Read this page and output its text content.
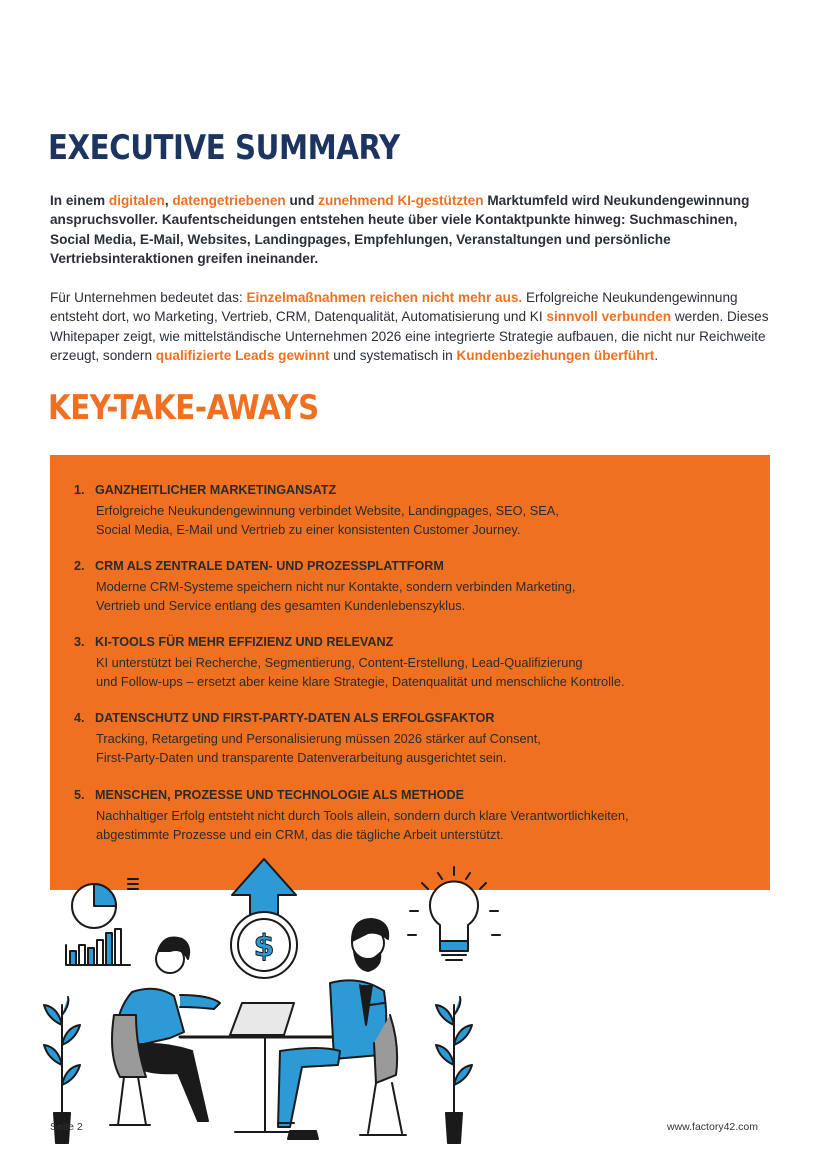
EXECUTIVE SUMMARY

In einem digitalen, datengetriebenen und zunehmend KI-gestützten Marktumfeld wird Neukundengewinnung anspruchsvoller. Kaufentscheidungen entstehen heute über viele Kontaktpunkte hinweg: Suchmaschinen, Social Media, E-Mail, Websites, Landingpages, Empfehlungen, Veranstaltungen und persönliche Vertriebsinteraktionen greifen ineinander.

Für Unternehmen bedeutet das: Einzelmaßnahmen reichen nicht mehr aus. Erfolgreiche Neukundengewinnung entsteht dort, wo Marketing, Vertrieb, CRM, Datenqualität, Automatisierung und KI sinnvoll verbunden werden. Dieses Whitepaper zeigt, wie mittelständische Unternehmen 2026 eine integrierte Strategie aufbauen, die nicht nur Reichweite erzeugt, sondern qualifizierte Leads gewinnt und systematisch in Kundenbeziehungen überführt.

KEY-TAKE-AWAYS
1. GANZHEITLICHER MARKETINGANSATZ
Erfolgreiche Neukundengewinnung verbindet Website, Landingpages, SEO, SEA,
Social Media, E-Mail und Vertrieb zu einer konsistenten Customer Journey.
2. CRM ALS ZENTRALE DATEN- UND PROZESSPLATTFORM
Moderne CRM-Systeme speichern nicht nur Kontakte, sondern verbinden Marketing,
Vertrieb und Service entlang des gesamten Kundenlebenszyklus.
3. KI-TOOLS FÜR MEHR EFFIZIENZ UND RELEVANZ
KI unterstützt bei Recherche, Segmentierung, Content-Erstellung, Lead-Qualifizierung
und Follow-ups – ersetzt aber keine klare Strategie, Datenqualität und menschliche Kontrolle.
4. DATENSCHUTZ UND FIRST-PARTY-DATEN ALS ERFOLGSFAKTOR
Tracking, Retargeting und Personalisierung müssen 2026 stärker auf Consent,
First-Party-Daten und transparente Datenverarbeitung ausgerichtet sein.
5. MENSCHEN, PROZESSE UND TECHNOLOGIE ALS METHODE
Nachhaltiger Erfolg entsteht nicht durch Tools allein, sondern durch klare Verantwortlichkeiten,
abgestimmte Prozesse und ein CRM, das die tägliche Arbeit unterstützt.
$
Seite 2	www.factory42.com
